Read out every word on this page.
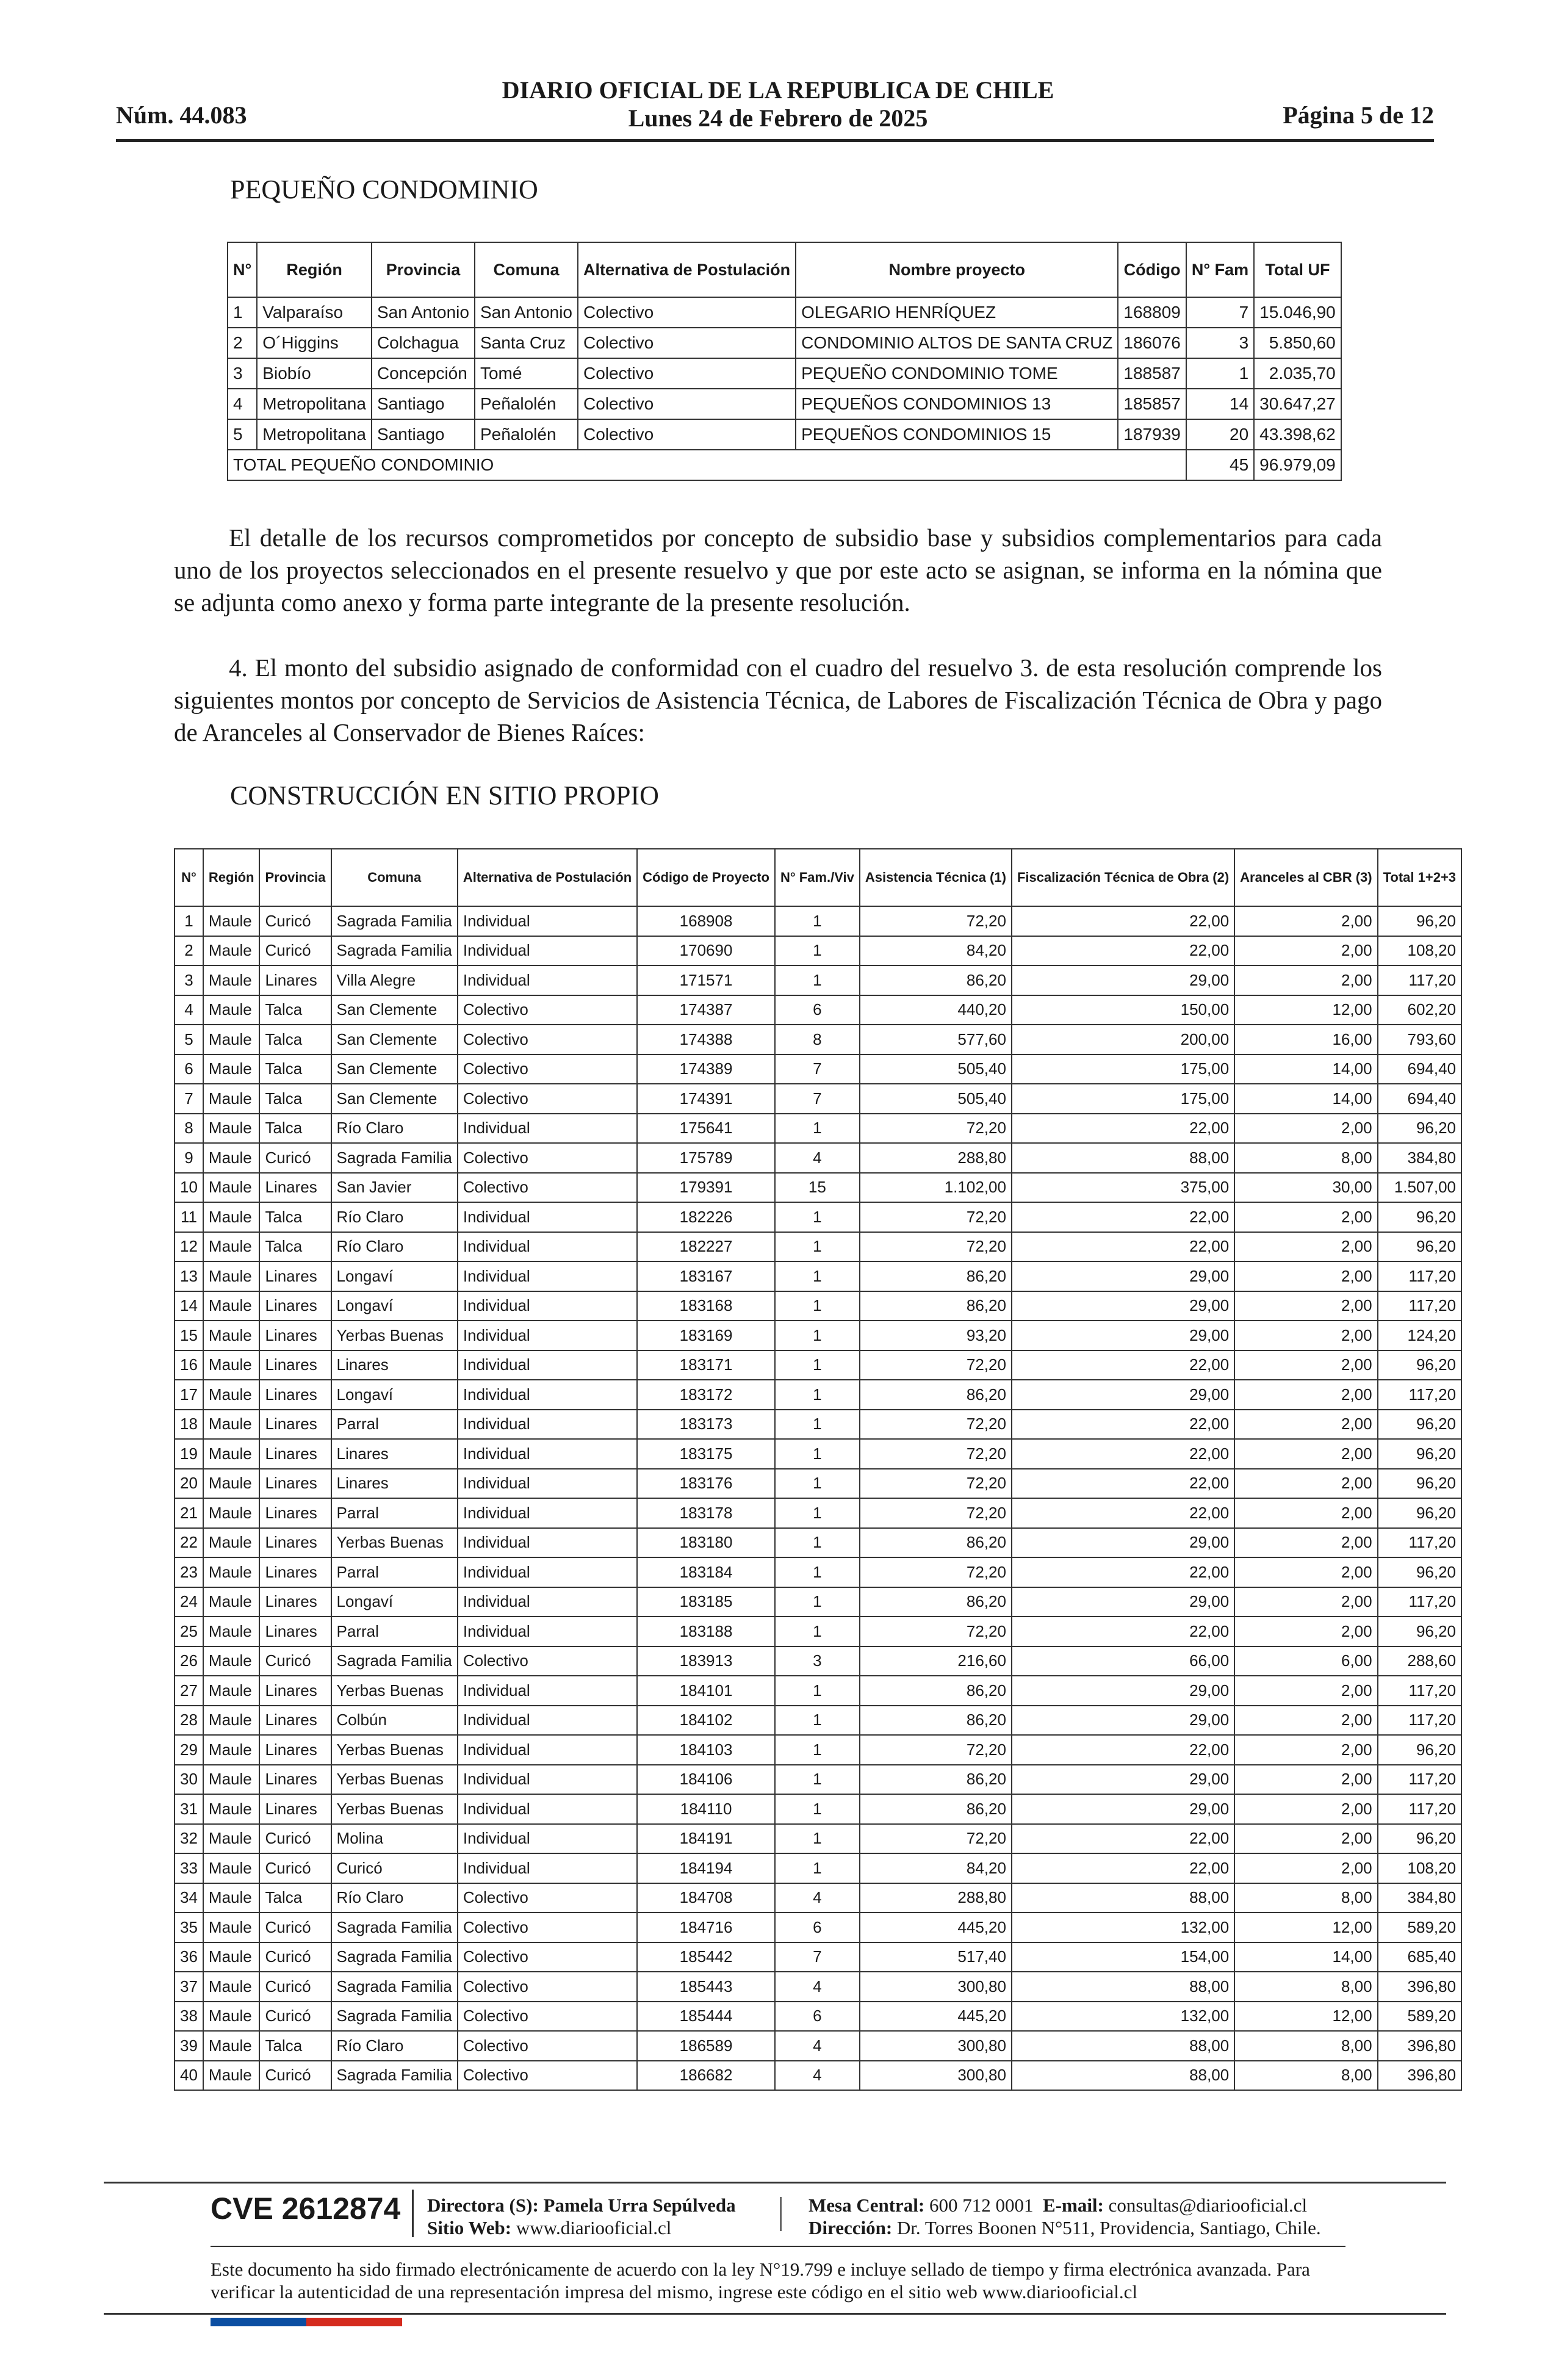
Núm. 44.083
DIARIO OFICIAL DE LA REPUBLICA DE CHILE
Lunes 24 de Febrero de 2025	Página 5 de 12
PEQUEÑO CONDOMINIO
N°	Región	Provincia	Comuna	Alternativa de Postulación	Nombre proyecto	Código	N° Fam	Total UF
1	Valparaíso	San Antonio	San Antonio	Colectivo	OLEGARIO HENRÍQUEZ	168809	7	15.046,90
2	O´Higgins	Colchagua	Santa Cruz	Colectivo	CONDOMINIO ALTOS DE SANTA CRUZ	186076	3	5.850,60
3	Biobío	Concepción	Tomé	Colectivo	PEQUEÑO CONDOMINIO TOME	188587	1	2.035,70
4	Metropolitana	Santiago	Peñalolén	Colectivo	PEQUEÑOS CONDOMINIOS 13	185857	14	30.647,27
5	Metropolitana	Santiago	Peñalolén	Colectivo	PEQUEÑOS CONDOMINIOS 15	187939	20	43.398,62
TOTAL PEQUEÑO CONDOMINIO							45	96.979,09
El detalle de los recursos comprometidos por concepto de subsidio base y subsidios complementarios para cada uno de los proyectos seleccionados en el presente resuelvo y que por este acto se asignan, se informa en la nómina que se adjunta como anexo y forma parte integrante de la presente resolución.
4. El monto del subsidio asignado de conformidad con el cuadro del resuelvo 3. de esta resolución comprende los siguientes montos por concepto de Servicios de Asistencia Técnica, de Labores de Fiscalización Técnica de Obra y pago de Aranceles al Conservador de Bienes Raíces:
CONSTRUCCIÓN EN SITIO PROPIO
N°	Región	Provincia	Comuna	Alternativa de Postulación	Código de Proyecto	N° Fam./Viv	Asistencia Técnica (1)	Fiscalización Técnica de Obra (2)	Aranceles al CBR (3)	Total 1+2+3
1	Maule	Curicó	Sagrada Familia	Individual	168908	1	72,20	22,00	2,00	96,20
2	Maule	Curicó	Sagrada Familia	Individual	170690	1	84,20	22,00	2,00	108,20
3	Maule	Linares	Villa Alegre	Individual	171571	1	86,20	29,00	2,00	117,20
4	Maule	Talca	San Clemente	Colectivo	174387	6	440,20	150,00	12,00	602,20
5	Maule	Talca	San Clemente	Colectivo	174388	8	577,60	200,00	16,00	793,60
6	Maule	Talca	San Clemente	Colectivo	174389	7	505,40	175,00	14,00	694,40
7	Maule	Talca	San Clemente	Colectivo	174391	7	505,40	175,00	14,00	694,40
8	Maule	Talca	Río Claro	Individual	175641	1	72,20	22,00	2,00	96,20
9	Maule	Curicó	Sagrada Familia	Colectivo	175789	4	288,80	88,00	8,00	384,80
10	Maule	Linares	San Javier	Colectivo	179391	15	1.102,00	375,00	30,00	1.507,00
11	Maule	Talca	Río Claro	Individual	182226	1	72,20	22,00	2,00	96,20
12	Maule	Talca	Río Claro	Individual	182227	1	72,20	22,00	2,00	96,20
13	Maule	Linares	Longaví	Individual	183167	1	86,20	29,00	2,00	117,20
14	Maule	Linares	Longaví	Individual	183168	1	86,20	29,00	2,00	117,20
15	Maule	Linares	Yerbas Buenas	Individual	183169	1	93,20	29,00	2,00	124,20
16	Maule	Linares	Linares	Individual	183171	1	72,20	22,00	2,00	96,20
17	Maule	Linares	Longaví	Individual	183172	1	86,20	29,00	2,00	117,20
18	Maule	Linares	Parral	Individual	183173	1	72,20	22,00	2,00	96,20
19	Maule	Linares	Linares	Individual	183175	1	72,20	22,00	2,00	96,20
20	Maule	Linares	Linares	Individual	183176	1	72,20	22,00	2,00	96,20
21	Maule	Linares	Parral	Individual	183178	1	72,20	22,00	2,00	96,20
22	Maule	Linares	Yerbas Buenas	Individual	183180	1	86,20	29,00	2,00	117,20
23	Maule	Linares	Parral	Individual	183184	1	72,20	22,00	2,00	96,20
24	Maule	Linares	Longaví	Individual	183185	1	86,20	29,00	2,00	117,20
25	Maule	Linares	Parral	Individual	183188	1	72,20	22,00	2,00	96,20
26	Maule	Curicó	Sagrada Familia	Colectivo	183913	3	216,60	66,00	6,00	288,60
27	Maule	Linares	Yerbas Buenas	Individual	184101	1	86,20	29,00	2,00	117,20
28	Maule	Linares	Colbún	Individual	184102	1	86,20	29,00	2,00	117,20
29	Maule	Linares	Yerbas Buenas	Individual	184103	1	72,20	22,00	2,00	96,20
30	Maule	Linares	Yerbas Buenas	Individual	184106	1	86,20	29,00	2,00	117,20
31	Maule	Linares	Yerbas Buenas	Individual	184110	1	86,20	29,00	2,00	117,20
32	Maule	Curicó	Molina	Individual	184191	1	72,20	22,00	2,00	96,20
33	Maule	Curicó	Curicó	Individual	184194	1	84,20	22,00	2,00	108,20
34	Maule	Talca	Río Claro	Colectivo	184708	4	288,80	88,00	8,00	384,80
35	Maule	Curicó	Sagrada Familia	Colectivo	184716	6	445,20	132,00	12,00	589,20
36	Maule	Curicó	Sagrada Familia	Colectivo	185442	7	517,40	154,00	14,00	685,40
37	Maule	Curicó	Sagrada Familia	Colectivo	185443	4	300,80	88,00	8,00	396,80
38	Maule	Curicó	Sagrada Familia	Colectivo	185444	6	445,20	132,00	12,00	589,20
39	Maule	Talca	Río Claro	Colectivo	186589	4	300,80	88,00	8,00	396,80
40	Maule	Curicó	Sagrada Familia	Colectivo	186682	4	300,80	88,00	8,00	396,80
CVE 2612874 Directora (S): Pamela Urra Sepúlveda
Sitio Web: www.diariooficial.cl
Mesa Central: 600 712 0001 E-mail: consultas@diariooficial.cl
Dirección: Dr. Torres Boonen N°511, Providencia, Santiago, Chile.
Este documento ha sido firmado electrónicamente de acuerdo con la ley N°19.799 e incluye sellado de tiempo y firma electrónica avanzada. Para verificar la autenticidad de una representación impresa del mismo, ingrese este código en el sitio web www.diariooficial.cl
